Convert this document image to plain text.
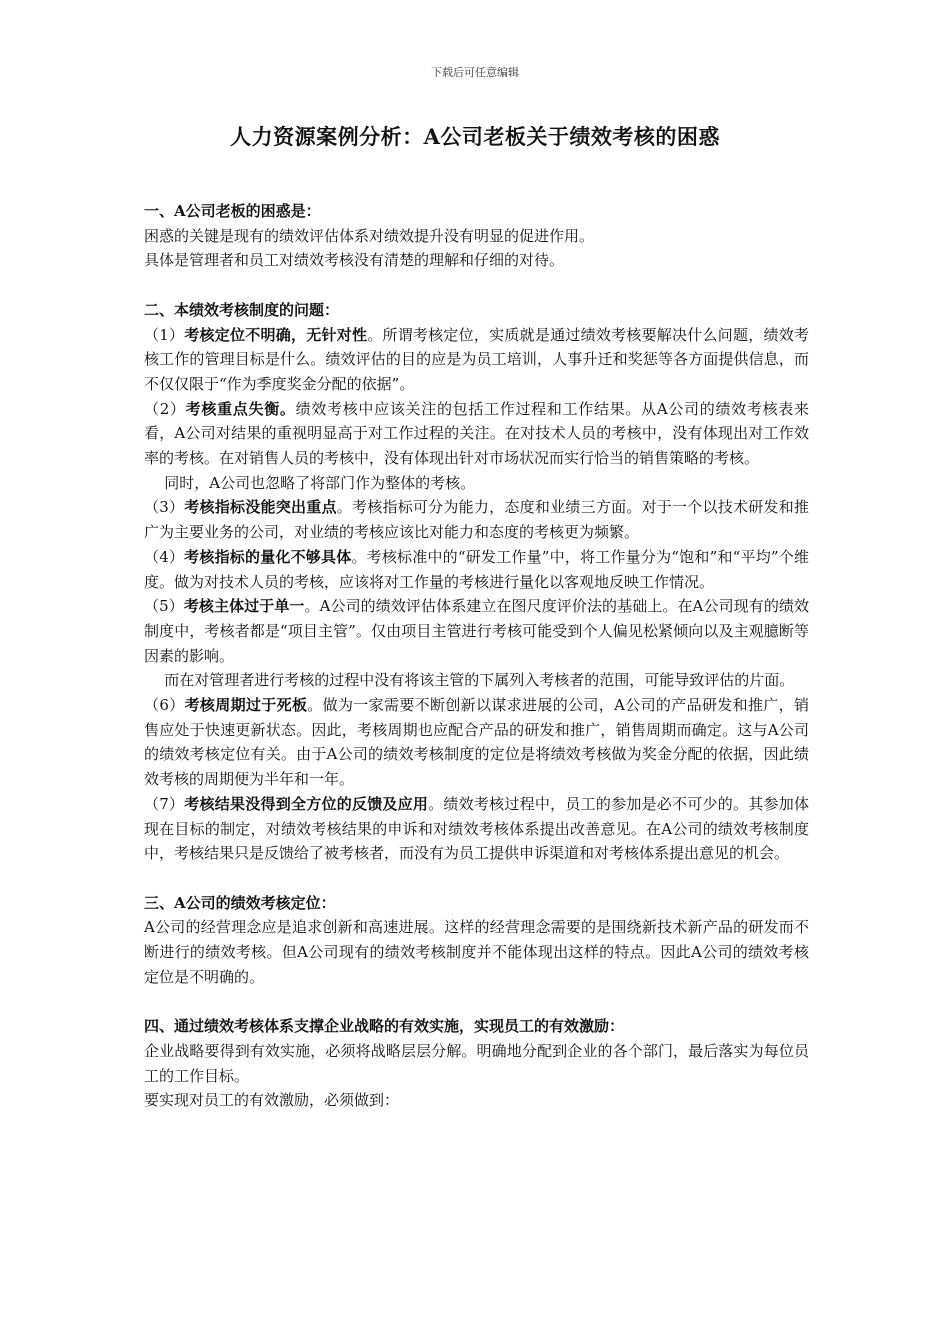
下载后可任意编辑
人力资源案例分析：A公司老板关于绩效考核的困惑

一、A公司老板的困惑是：

困惑的关键是现有的绩效评估体系对绩效提升没有明显的促进作用。

具体是管理者和员工对绩效考核没有清楚的理解和仔细的对待。

二、本绩效考核制度的问题：

（1）考核定位不明确，无针对性。所谓考核定位，实质就是通过绩效考核要解决什么问题，绩效考核工作的管理目标是什么。绩效评估的目的应是为员工培训，人事升迁和奖惩等各方面提供信息，而不仅仅限于“作为季度奖金分配的依据”。

（2）考核重点失衡。绩效考核中应该关注的包括工作过程和工作结果。从A公司的绩效考核表来看，A公司对结果的重视明显高于对工作过程的关注。在对技术人员的考核中，没有体现出对工作效率的考核。在对销售人员的考核中，没有体现出针对市场状况而实行恰当的销售策略的考核。

同时，A公司也忽略了将部门作为整体的考核。

（3）考核指标没能突出重点。考核指标可分为能力，态度和业绩三方面。对于一个以技术研发和推广为主要业务的公司，对业绩的考核应该比对能力和态度的考核更为频繁。

（4）考核指标的量化不够具体。考核标准中的“研发工作量”中，将工作量分为“饱和”和“平均”个维度。做为对技术人员的考核，应该将对工作量的考核进行量化以客观地反映工作情况。

（5）考核主体过于单一。A公司的绩效评估体系建立在图尺度评价法的基础上。在A公司现有的绩效制度中，考核者都是“项目主管”。仅由项目主管进行考核可能受到个人偏见松紧倾向以及主观臆断等因素的影响。

而在对管理者进行考核的过程中没有将该主管的下属列入考核者的范围，可能导致评估的片面。

（6）考核周期过于死板。做为一家需要不断创新以谋求进展的公司，A公司的产品研发和推广，销售应处于快速更新状态。因此，考核周期也应配合产品的研发和推广，销售周期而确定。这与A公司的绩效考核定位有关。由于A公司的绩效考核制度的定位是将绩效考核做为奖金分配的依据，因此绩效考核的周期便为半年和一年。

（7）考核结果没得到全方位的反馈及应用。绩效考核过程中，员工的参加是必不可少的。其参加体现在目标的制定，对绩效考核结果的申诉和对绩效考核体系提出改善意见。在A公司的绩效考核制度中，考核结果只是反馈给了被考核者，而没有为员工提供申诉渠道和对考核体系提出意见的机会。

三、A公司的绩效考核定位：

A公司的经营理念应是追求创新和高速进展。这样的经营理念需要的是围绕新技术新产品的研发而不断进行的绩效考核。但A公司现有的绩效考核制度并不能体现出这样的特点。因此A公司的绩效考核定位是不明确的。

四、通过绩效考核体系支撑企业战略的有效实施，实现员工的有效激励：

企业战略要得到有效实施，必须将战略层层分解。明确地分配到企业的各个部门，最后落实为每位员工的工作目标。

要实现对员工的有效激励，必须做到：
